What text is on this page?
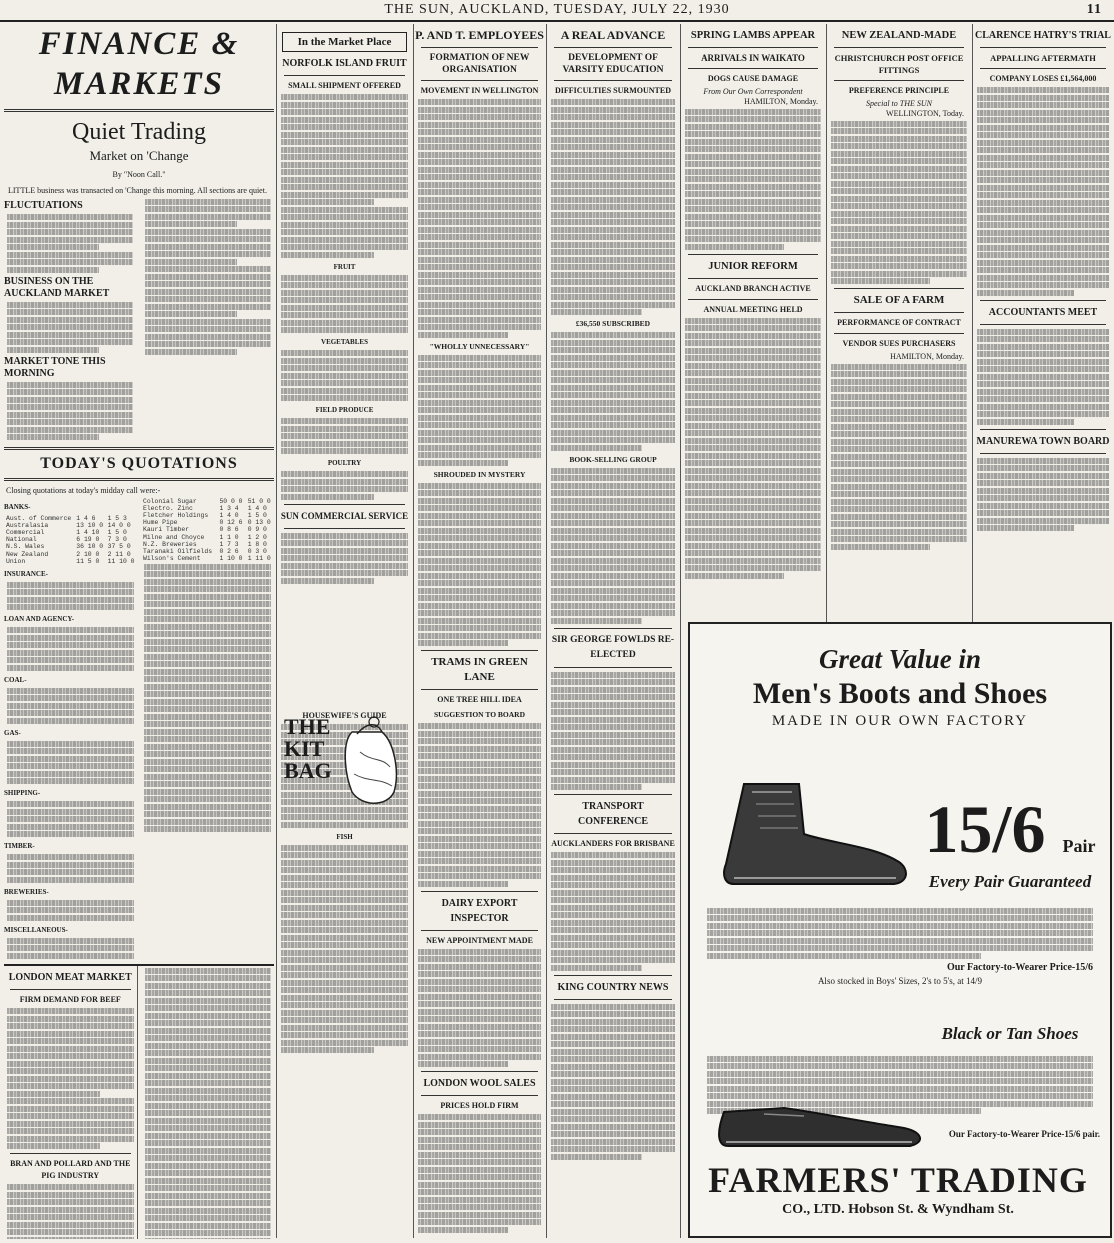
THE SUN, AUCKLAND, TUESDAY, JULY 22, 1930	11
FINANCE & MARKETS
Quiet Trading
Market on 'Change
By "Noon Call."
LITTLE business was transacted on 'Change this morning. All sections are quiet.
FLUCTUATIONS
BUSINESS ON THE AUCKLAND MARKET
MARKET TONE THIS MORNING
TODAY'S QUOTATIONS
Closing quotations at today's midday call were:-
BANKS-
Aust. of Commerce	1 4 6	1 5 3
Australasia	13 10 0	14 0 0
Commercial	1 4 10	1 5 0
National	6 19 0	7 3 0
N.S. Wales	36 10 0	37 5 0
New Zealand	2 10 0	2 11 0
Union	11 5 0	11 10 0
INSURANCE-
LOAN AND AGENCY-
COAL-
GAS-
SHIPPING-
TIMBER-
BREWERIES-
MISCELLANEOUS-
Colonial Sugar	50 0 0	51 0 0
Electro. Zinc	1 3 4	1 4 0
Fletcher Holdings	1 4 0	1 5 0
Hume Pipe	0 12 6	0 13 0
Kauri Timber	0 8 6	0 9 0
Milne and Choyce	1 1 0	1 2 0
N.Z. Breweries	1 7 3	1 8 0
Taranaki Oilfields	0 2 6	0 3 0
Wilson's Cement	1 10 0	1 11 0
LONDON MEAT MARKET
FIRM DEMAND FOR BEEF
BRAN AND POLLARD AND THE PIG INDUSTRY
In the Market Place
NORFOLK ISLAND FRUIT
SMALL SHIPMENT OFFERED
FRUIT
VEGETABLES
FIELD PRODUCE
POULTRY
SUN COMMERCIAL SERVICE
HOUSEWIFE'S GUIDE
FISH
THE KIT BAG
P. AND T. EMPLOYEES
FORMATION OF NEW ORGANISATION
MOVEMENT IN WELLINGTON
"WHOLLY UNNECESSARY"
SHROUDED IN MYSTERY
TRAMS IN GREEN LANE
ONE TREE HILL IDEA
SUGGESTION TO BOARD
DAIRY EXPORT INSPECTOR
NEW APPOINTMENT MADE
LONDON WOOL SALES
PRICES HOLD FIRM
A REAL ADVANCE
DEVELOPMENT OF VARSITY EDUCATION
DIFFICULTIES SURMOUNTED
£36,550 SUBSCRIBED
BOOK-SELLING GROUP
SIR GEORGE FOWLDS RE-ELECTED
TRANSPORT CONFERENCE
AUCKLANDERS FOR BRISBANE
KING COUNTRY NEWS
SPRING LAMBS APPEAR
ARRIVALS IN WAIKATO
DOGS CAUSE DAMAGE
From Our Own Correspondent
HAMILTON, Monday.
JUNIOR REFORM
AUCKLAND BRANCH ACTIVE
ANNUAL MEETING HELD
NEW ZEALAND-MADE
CHRISTCHURCH POST OFFICE FITTINGS
PREFERENCE PRINCIPLE
Special to THE SUN
WELLINGTON, Today.
SALE OF A FARM
PERFORMANCE OF CONTRACT
VENDOR SUES PURCHASERS
HAMILTON, Monday.
CLARENCE HATRY'S TRIAL
APPALLING AFTERMATH
COMPANY LOSES £1,564,000
ACCOUNTANTS MEET
MANUREWA TOWN BOARD
Great Value in
Men's Boots and Shoes
MADE IN OUR OWN FACTORY
15/6 Pair
Every Pair Guaranteed
Our Factory-to-Wearer Price-15/6
Also stocked in Boys' Sizes, 2's to 5's, at 14/9
Black or Tan Shoes
Our Factory-to-Wearer Price-15/6 pair.
FARMERS' TRADING
CO., LTD. Hobson St. & Wyndham St.
